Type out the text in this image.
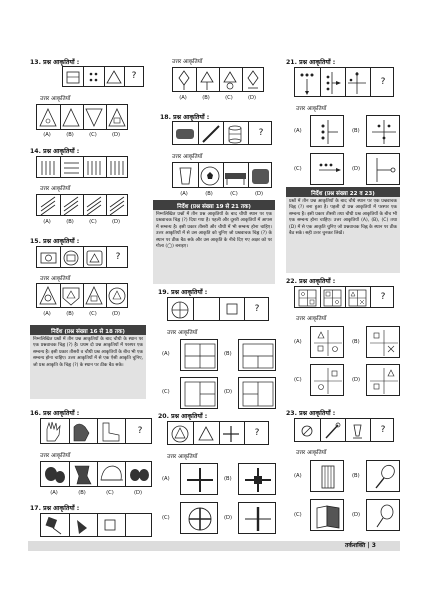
13. प्रश्न आकृतियाँ :
?
उत्तर आकृतियाँ
(A)	(B)	(C)	(D)
14. प्रश्न आकृतियाँ :
उत्तर आकृतियाँ
(A)	(B)	(C)	(D)
15. प्रश्न आकृतियाँ :
?
उत्तर आकृतियाँ
(A)	(B)	(C)	(D)
निर्देश (प्रश्न संख्या 16 से 18 तक)
निम्नलिखित प्रश्नों में तीन प्रश्न आकृतियों के बाद चौथी के स्थान पर एक प्रश्नवाचक चिह्न (?) है। प्रथम दो प्रश्न आकृतियों में परस्पर एक सम्बन्ध है। इसी प्रकार तीसरी व चौथी प्रश्न आकृतियों के बीच भी एक सम्बन्ध होना चाहिए। उत्तर आकृतियों में से एक ऐसी आकृति चुनिए, जो प्रश्न आकृति के चिह्न (?) के स्थान पर ठीक बैठ सके।
16. प्रश्न आकृतियाँ :
?
उत्तर आकृतियाँ
(A)	(B)	(C)	(D)
17. प्रश्न आकृतियाँ :
उत्तर आकृतियाँ
(A)	(B)	(C)	(D)
18. प्रश्न आकृतियाँ :
?
उत्तर आकृतियाँ
(A)	(B)	(C)	(D)
निर्देश (प्रश्न संख्या 19 से 21 तक)
निम्नलिखित प्रश्नों में तीन प्रश्न आकृतियों के बाद चौथी स्थान पर एक प्रश्नवाचक चिह्न (?) दिया गया है। पहली और दूसरी आकृतियों में आपस में सम्बन्ध है। इसी प्रकार तीसरी और चौथी में भी सम्बन्ध होना चाहिए। उत्तर आकृतियों में से उस आकृति को चुनिए जो प्रश्नवाचक चिह्न (?) के स्थान पर ठीक बैठ सके और उस आकृति के नीचे दिए गए अक्षर को पर गोला (◯) बनाइए।
19. प्रश्न आकृतियाँ :
?
उत्तर आकृतियाँ
(A)	(B)
(C)	(D)
20. प्रश्न आकृतियाँ :
?
उत्तर आकृतियाँ
(A)	(B)
(C)	(D)
21. प्रश्न आकृतियाँ :
?
उत्तर आकृतियाँ
(A)	(B)
(C)	(D)
निर्देश (प्रश्न संख्या 22 व 23)
प्रश्नों में तीन प्रश्न आकृतियों के बाद चौथे स्थान पर एक प्रश्नवाचक चिह्न (?) बना हुआ है। पहली दो प्रश्न आकृतियों में परस्पर एक सम्बन्ध है। इसी प्रकार तीसरी तथा चौथी प्रश्न आकृतियों के बीच भी एक सम्बन्ध होना चाहिए। उत्तर आकृतियों (A), (B), (C) तथा (D) में से एक आकृति चुनिए जो प्रश्नवाचक चिह्न के स्थान पर ठीक बैठ सके। सही उत्तर चुनकर लिखें।
22. प्रश्न आकृतियाँ :
?
उत्तर आकृतियाँ
(A)	(B)
(C)	(D)
23. प्रश्न आकृतियाँ :
?
उत्तर आकृतियाँ
(A)	(B)
(C)	(D)
तर्कशक्ति | 3
